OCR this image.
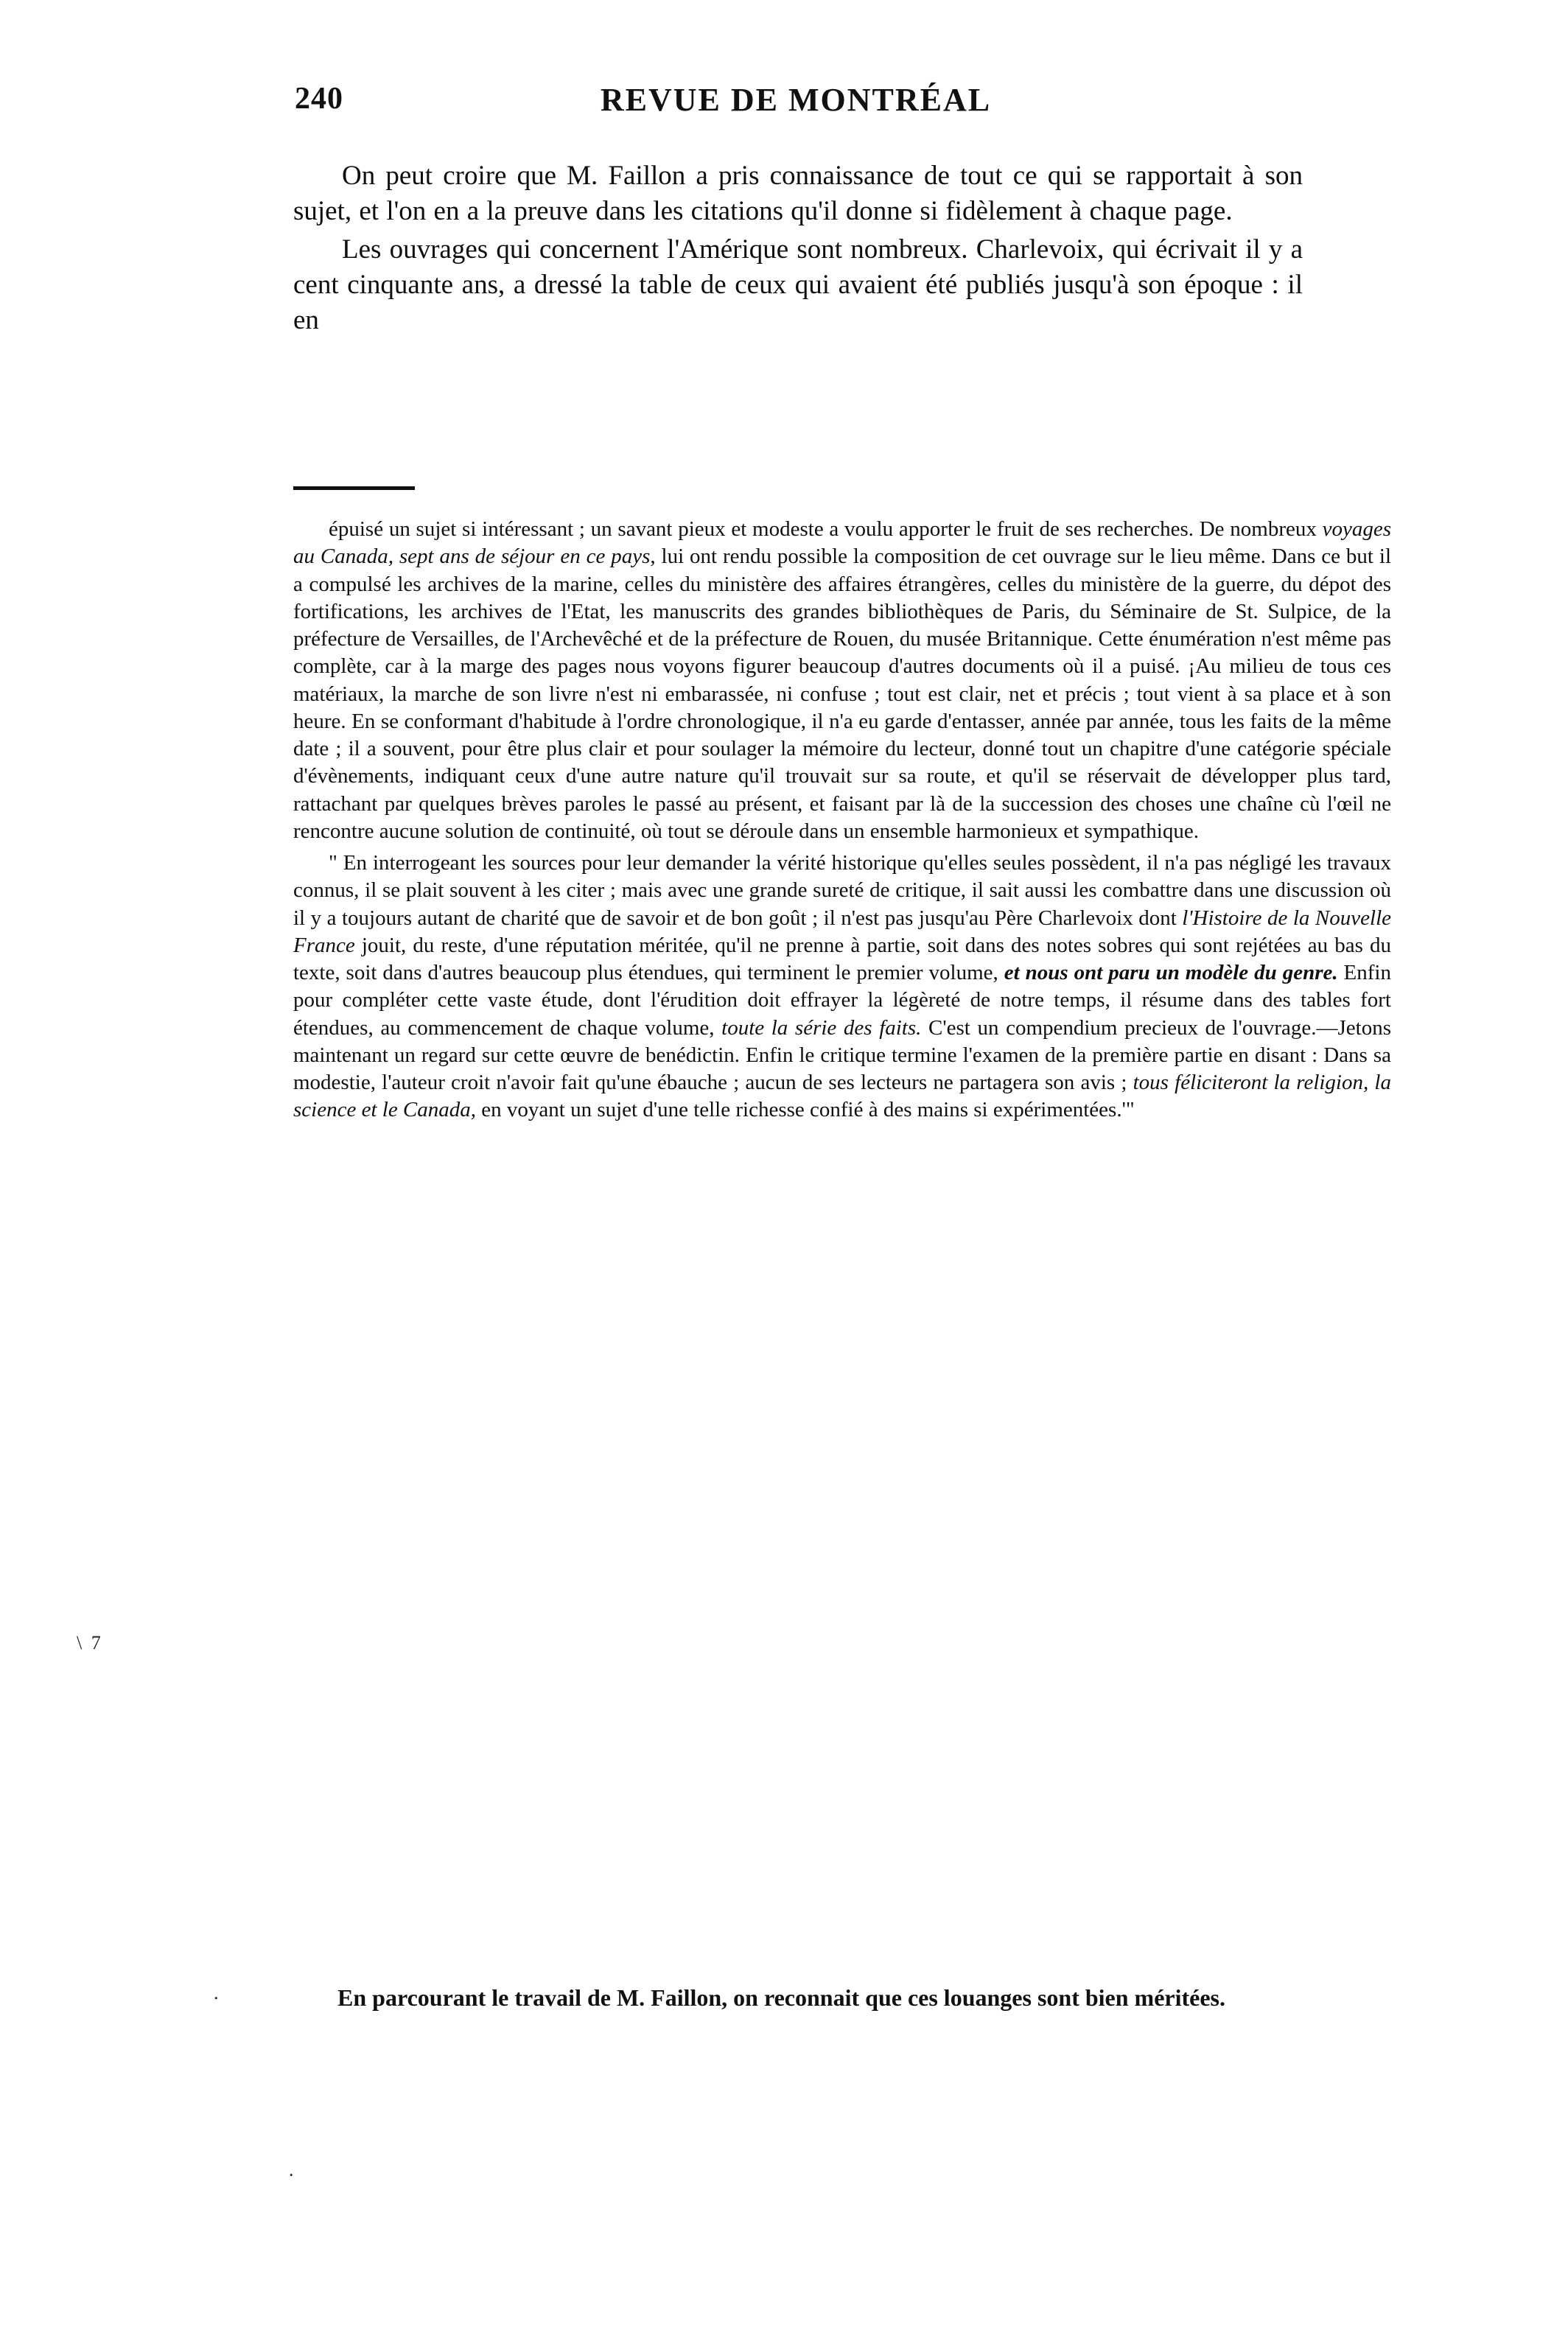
240	REVUE DE MONTRÉAL

On peut croire que M. Faillon a pris connaissance de tout ce qui se rapportait à son sujet, et l'on en a la preuve dans les citations qu'il donne si fidèlement à chaque page.

Les ouvrages qui concernent l'Amérique sont nombreux. Charlevoix, qui écrivait il y a cent cinquante ans, a dressé la table de ceux qui avaient été publiés jusqu'à son époque : il en

épuisé un sujet si intéressant ; un savant pieux et modeste a voulu apporter le fruit de ses recherches. De nombreux voyages au Canada, sept ans de séjour en ce pays, lui ont rendu possible la composition de cet ouvrage sur le lieu même. Dans ce but il a compulsé les archives de la marine, celles du ministère des affaires étrangères, celles du ministère de la guerre, du dépot des fortifications, les archives de l'Etat, les manuscrits des grandes bibliothèques de Paris, du Séminaire de St. Sulpice, de la préfecture de Versailles, de l'Archevêché et de la préfecture de Rouen, du musée Britannique. Cette énumération n'est même pas complète, car à la marge des pages nous voyons figurer beaucoup d'autres documents où il a puisé. ¡Au milieu de tous ces matériaux, la marche de son livre n'est ni embarassée, ni confuse ; tout est clair, net et précis ; tout vient à sa place et à son heure. En se conformant d'habitude à l'ordre chronologique, il n'a eu garde d'entasser, année par année, tous les faits de la même date ; il a souvent, pour être plus clair et pour soulager la mémoire du lecteur, donné tout un chapitre d'une catégorie spéciale d'évènements, indiquant ceux d'une autre nature qu'il trouvait sur sa route, et qu'il se réservait de développer plus tard, rattachant par quelques brèves paroles le passé au présent, et faisant par là de la succession des choses une chaîne cù l'œil ne rencontre aucune solution de continuité, où tout se déroule dans un ensemble harmonieux et sympathique.

" En interrogeant les sources pour leur demander la vérité historique qu'elles seules possèdent, il n'a pas négligé les travaux connus, il se plait souvent à les citer ; mais avec une grande sureté de critique, il sait aussi les combattre dans une discussion où il y a toujours autant de charité que de savoir et de bon goût ; il n'est pas jusqu'au Père Charlevoix dont l'Histoire de la Nouvelle France jouit, du reste, d'une réputation méritée, qu'il ne prenne à partie, soit dans des notes sobres qui sont rejétées au bas du texte, soit dans d'autres beaucoup plus étendues, qui terminent le premier volume, et nous ont paru un modèle du genre. Enfin pour compléter cette vaste étude, dont l'érudition doit effrayer la légèreté de notre temps, il résume dans des tables fort étendues, au commencement de chaque volume, toute la série des faits. C'est un compendium precieux de l'ouvrage.—Jetons maintenant un regard sur cette œuvre de benédictin. Enfin le critique termine l'examen de la première partie en disant : Dans sa modestie, l'auteur croit n'avoir fait qu'une ébauche ; aucun de ses lecteurs ne partagera son avis ; tous féliciteront la religion, la science et le Canada, en voyant un sujet d'une telle richesse confié à des mains si expérimentées.'"

En parcourant le travail de M. Faillon, on reconnait que ces louanges sont bien méritées.

\ 7
.
.
